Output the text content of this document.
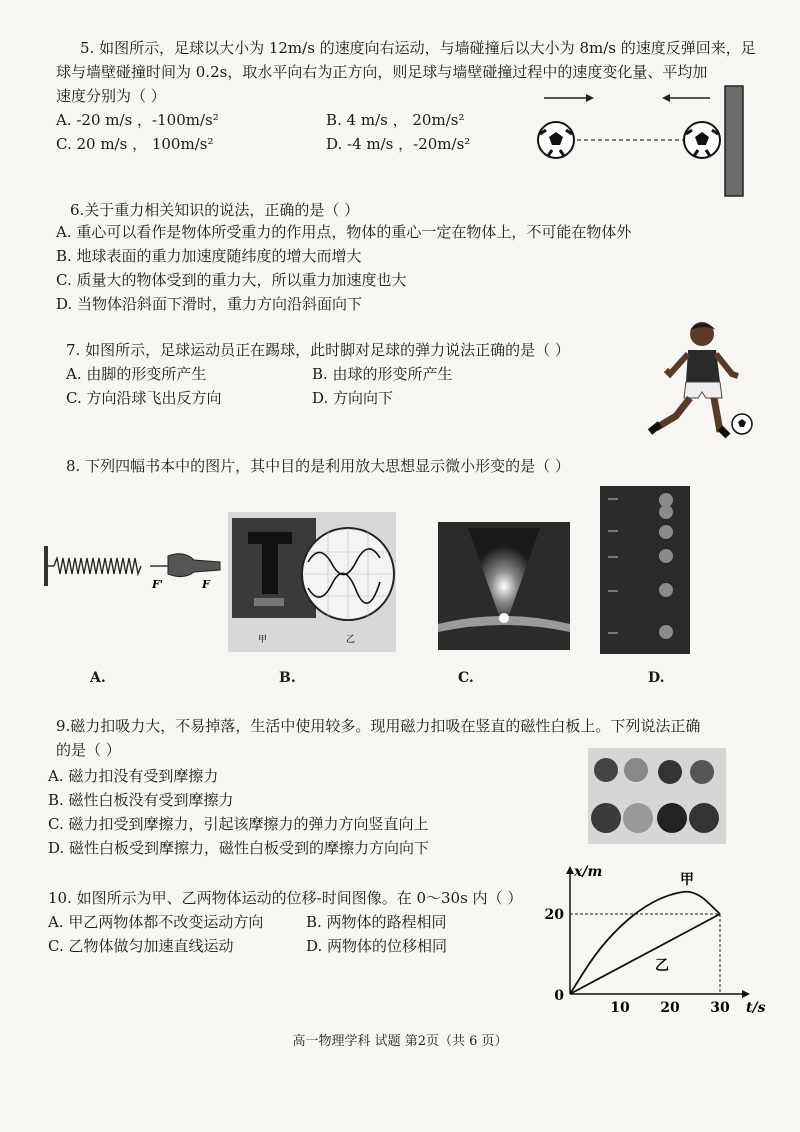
5. 如图所示，足球以大小为 12m/s 的速度向右运动，与墙碰撞后以大小为 8m/s 的速度反弹回来，足
球与墙壁碰撞时间为 0.2s，取水平向右为正方向，则足球与墙壁碰撞过程中的速度变化量、平均加
速度分别为（ ）
A. -20 m/s ，-100m/s²	B. 4 m/s ， 20m/s²
C. 20 m/s ， 100m/s²	D. -4 m/s ，-20m/s²
6.关于重力相关知识的说法，正确的是（ ）
A. 重心可以看作是物体所受重力的作用点，物体的重心一定在物体上，不可能在物体外
B. 地球表面的重力加速度随纬度的增大而增大
C. 质量大的物体受到的重力大，所以重力加速度也大
D. 当物体沿斜面下滑时，重力方向沿斜面向下
7. 如图所示，足球运动员正在踢球，此时脚对足球的弹力说法正确的是（ ）
A. 由脚的形变所产生	B. 由球的形变所产生
C. 方向沿球飞出反方向	D. 方向向下
8. 下列四幅书本中的图片，其中目的是利用放大思想显示微小形变的是（ ）
F'	F
甲	乙
A.	B.	C.	D.
9.磁力扣吸力大，不易掉落，生活中使用较多。现用磁力扣吸在竖直的磁性白板上。下列说法正确
的是（ ）
A. 磁力扣没有受到摩擦力
B. 磁性白板没有受到摩擦力
C. 磁力扣受到摩擦力，引起该摩擦力的弹力方向竖直向上
D. 磁性白板受到摩擦力，磁性白板受到的摩擦力方向向下
10. 如图所示为甲、乙两物体运动的位移-时间图像。在 0～30s 内（ ）
A. 甲乙两物体都不改变运动方向	B. 两物体的路程相同
C. 乙物体做匀加速直线运动	D. 两物体的位移相同
甲
乙
10 20 30
20
0
t/s
x/m
高一物理学科 试题 第2页（共 6 页）
